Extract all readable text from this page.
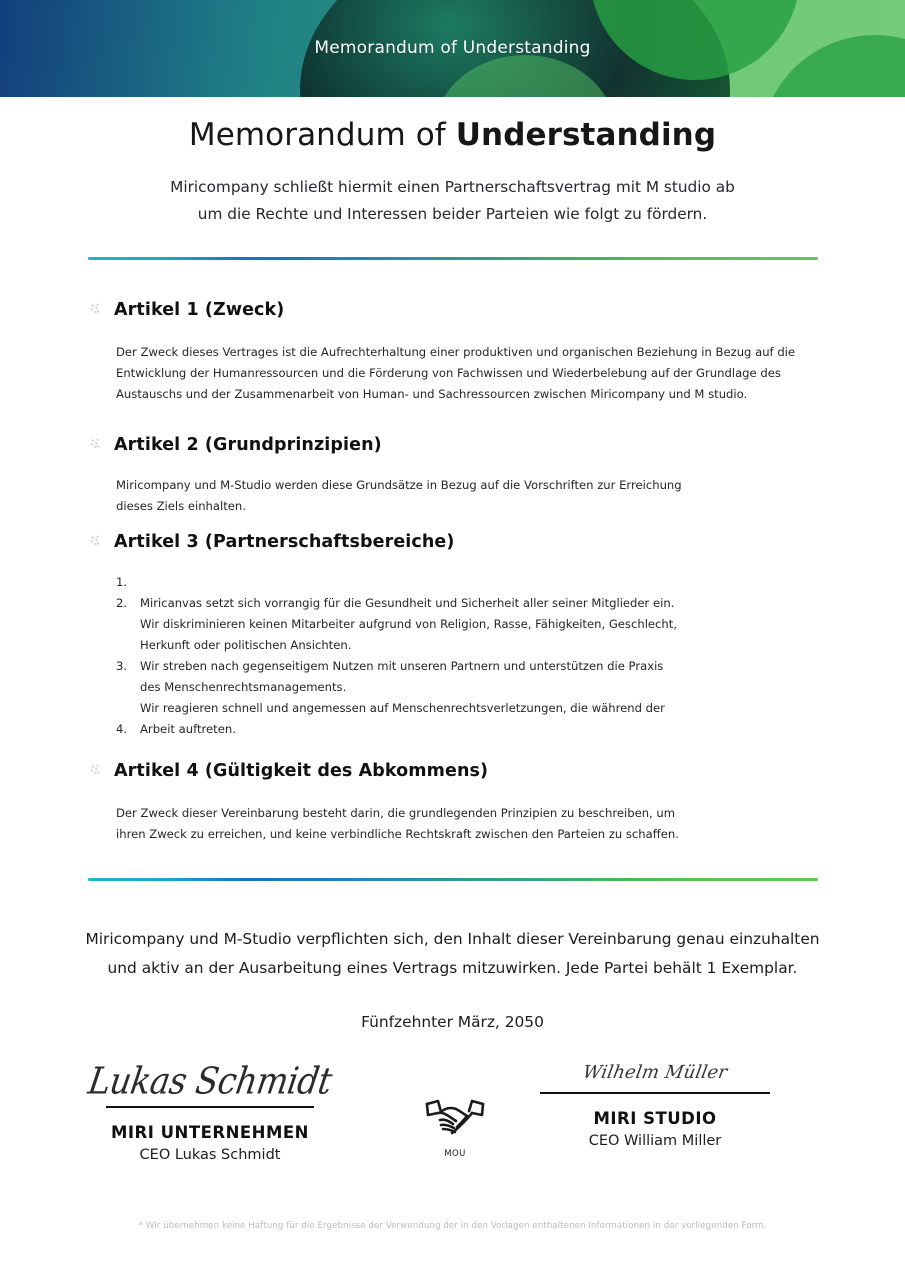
Memorandum of Understanding
Memorandum of Understanding
Miricompany schließt hiermit einen Partnerschaftsvertrag mit M studio ab
um die Rechte und Interessen beider Parteien wie folgt zu fördern.
Artikel 1 (Zweck)
Der Zweck dieses Vertrages ist die Aufrechterhaltung einer produktiven und organischen Beziehung in Bezug auf die
Entwicklung der Humanressourcen und die Förderung von Fachwissen und Wiederbelebung auf der Grundlage des
Austauschs und der Zusammenarbeit von Human- und Sachressourcen zwischen Miricompany und M studio.
Artikel 2 (Grundprinzipien)
Miricompany und M-Studio werden diese Grundsätze in Bezug auf die Vorschriften zur Erreichung
dieses Ziels einhalten.
Artikel 3 (Partnerschaftsbereiche)
1.
2.
3.
4.
Miricanvas setzt sich vorrangig für die Gesundheit und Sicherheit aller seiner Mitglieder ein.
Wir diskriminieren keinen Mitarbeiter aufgrund von Religion, Rasse, Fähigkeiten, Geschlecht,
Herkunft oder politischen Ansichten.
Wir streben nach gegenseitigem Nutzen mit unseren Partnern und unterstützen die Praxis
des Menschenrechtsmanagements.
Wir reagieren schnell und angemessen auf Menschenrechtsverletzungen, die während der
Arbeit auftreten.
Artikel 4 (Gültigkeit des Abkommens)
Der Zweck dieser Vereinbarung besteht darin, die grundlegenden Prinzipien zu beschreiben, um
ihren Zweck zu erreichen, und keine verbindliche Rechtskraft zwischen den Parteien zu schaffen.
Miricompany und M-Studio verpflichten sich, den Inhalt dieser Vereinbarung genau einzuhalten
und aktiv an der Ausarbeitung eines Vertrags mitzuwirken. Jede Partei behält 1 Exemplar.
Fünfzehnter März, 2050
Lukas Schmidt
MIRI UNTERNEHMEN
CEO Lukas Schmidt
Wilhelm Müller
MIRI STUDIO
CEO William Miller
MOU
* Wir übernehmen keine Haftung für die Ergebnisse der Verwendung der in den Vorlagen enthaltenen Informationen in der vorliegenden Form.
